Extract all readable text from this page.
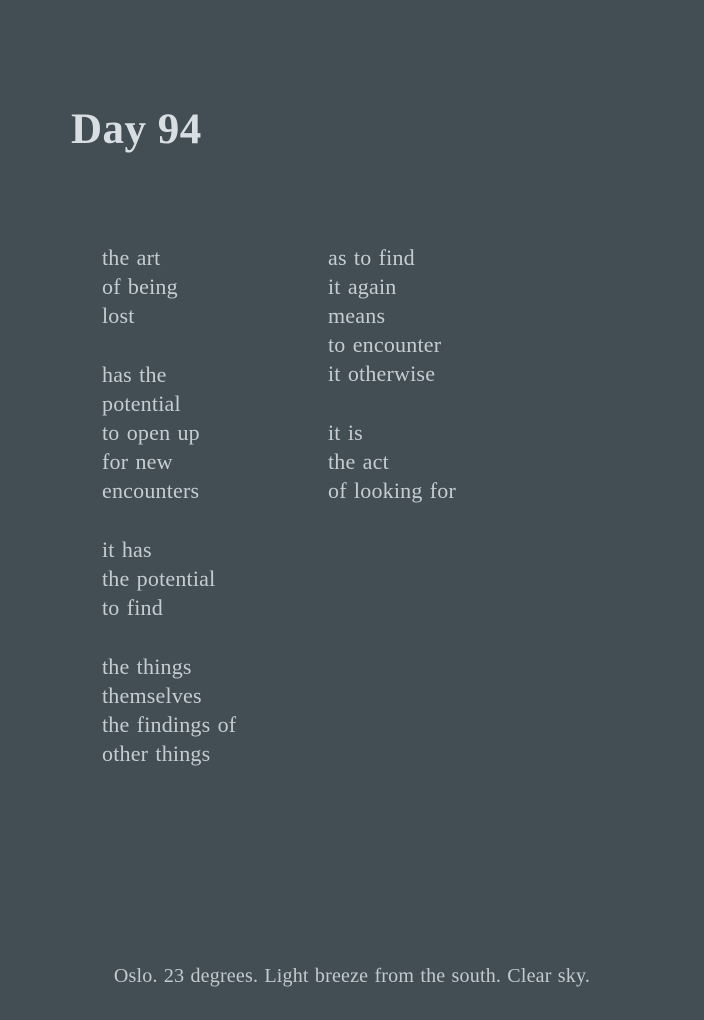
Day 94
the art
of being
lost
has the
potential
to open up
for new
encounters
it has
the potential
to find
the things
themselves
the findings of
other things
as to find
it again
means
to encounter
it otherwise
it is
the act
of looking for
Oslo. 23 degrees. Light breeze from the south. Clear sky.
